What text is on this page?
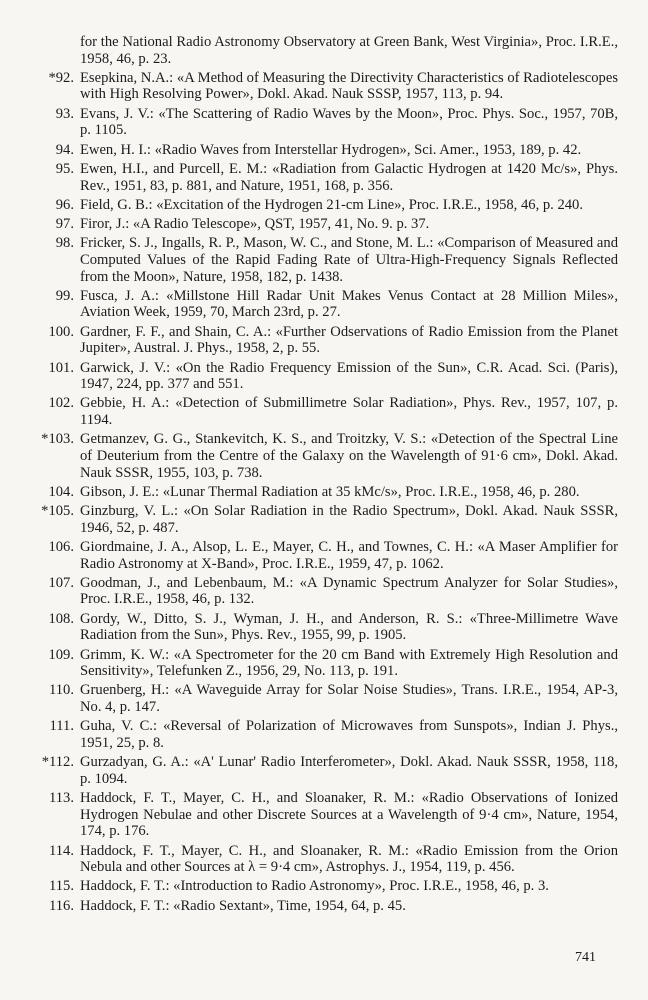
for the National Radio Astronomy Observatory at Green Bank, West Virginia», Proc. I.R.E., 1958, 46, p. 23.
*92. Esepkina, N.A.: «A Method of Measuring the Directivity Characteristics of Radiotelescopes with High Resolving Power», Dokl. Akad. Nauk SSSP, 1957, 113, p. 94.
93. Evans, J. V.: «The Scattering of Radio Waves by the Moon», Proc. Phys. Soc., 1957, 70B, p. 1105.
94. Ewen, H. I.: «Radio Waves from Interstellar Hydrogen», Sci. Amer., 1953, 189, p. 42.
95. Ewen, H.I., and Purcell, E. M.: «Radiation from Galactic Hydrogen at 1420 Mc/s», Phys. Rev., 1951, 83, p. 881, and Nature, 1951, 168, p. 356.
96. Field, G. B.: «Excitation of the Hydrogen 21-cm Line», Proc. I.R.E., 1958, 46, p. 240.
97. Firor, J.: «A Radio Telescope», QST, 1957, 41, No. 9. p. 37.
98. Fricker, S. J., Ingalls, R. P., Mason, W. C., and Stone, M. L.: «Comparison of Measured and Computed Values of the Rapid Fading Rate of Ultra-High-Frequency Signals Reflected from the Moon», Nature, 1958, 182, p. 1438.
99. Fusca, J. A.: «Millstone Hill Radar Unit Makes Venus Contact at 28 Million Miles», Aviation Week, 1959, 70, March 23rd, p. 27.
100. Gardner, F. F., and Shain, C. A.: «Further Odservations of Radio Emission from the Planet Jupiter», Austral. J. Phys., 1958, 2, p. 55.
101. Garwick, J. V.: «On the Radio Frequency Emission of the Sun», C.R. Acad. Sci. (Paris), 1947, 224, pp. 377 and 551.
102. Gebbie, H. A.: «Detection of Submillimetre Solar Radiation», Phys. Rev., 1957, 107, p. 1194.
*103. Getmanzev, G. G., Stankevitch, K. S., and Troitzky, V. S.: «Detection of the Spectral Line of Deuterium from the Centre of the Galaxy on the Wavelength of 91·6 cm», Dokl. Akad. Nauk SSSR, 1955, 103, p. 738.
104. Gibson, J. E.: «Lunar Thermal Radiation at 35 kMc/s», Proc. I.R.E., 1958, 46, p. 280.
*105. Ginzburg, V. L.: «On Solar Radiation in the Radio Spectrum», Dokl. Akad. Nauk SSSR, 1946, 52, p. 487.
106. Giordmaine, J. A., Alsop, L. E., Mayer, C. H., and Townes, C. H.: «A Maser Amplifier for Radio Astronomy at X-Band», Proc. I.R.E., 1959, 47, p. 1062.
107. Goodman, J., and Lebenbaum, M.: «A Dynamic Spectrum Analyzer for Solar Studies», Proc. I.R.E., 1958, 46, p. 132.
108. Gordy, W., Ditto, S. J., Wyman, J. H., and Anderson, R. S.: «Three-Millimetre Wave Radiation from the Sun», Phys. Rev., 1955, 99, p. 1905.
109. Grimm, K. W.: «A Spectrometer for the 20 cm Band with Extremely High Resolution and Sensitivity», Telefunken Z., 1956, 29, No. 113, p. 191.
110. Gruenberg, H.: «A Waveguide Array for Solar Noise Studies», Trans. I.R.E., 1954, AP-3, No. 4, p. 147.
111. Guha, V. C.: «Reversal of Polarization of Microwaves from Sunspots», Indian J. Phys., 1951, 25, p. 8.
*112. Gurzadyan, G. A.: «A' Lunar' Radio Interferometer», Dokl. Akad. Nauk SSSR, 1958, 118, p. 1094.
113. Haddock, F. T., Mayer, C. H., and Sloanaker, R. M.: «Radio Observations of Ionized Hydrogen Nebulae and other Discrete Sources at a Wavelength of 9·4 cm», Nature, 1954, 174, p. 176.
114. Haddock, F. T., Mayer, C. H., and Sloanaker, R. M.: «Radio Emission from the Orion Nebula and other Sources at λ = 9·4 cm», Astrophys. J., 1954, 119, p. 456.
115. Haddock, F. T.: «Introduction to Radio Astronomy», Proc. I.R.E., 1958, 46, p. 3.
116. Haddock, F. T.: «Radio Sextant», Time, 1954, 64, p. 45.
741
